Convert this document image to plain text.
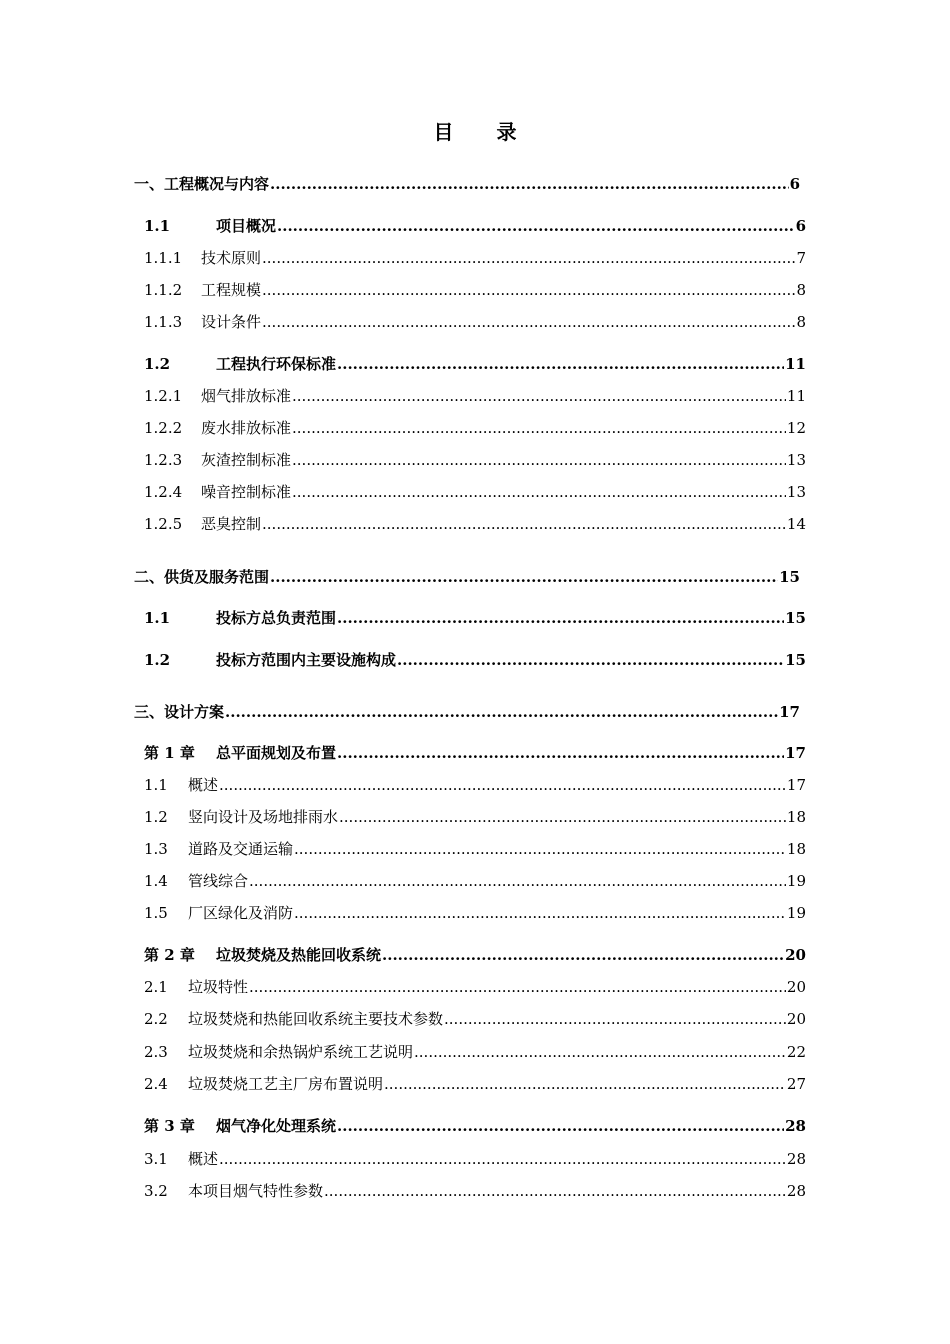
目 录
一、工程概况与内容 .....	6
1.1	项目概况 .....	6
1.1.1	技术原则 .....	7
1.1.2	工程规模 .....	8
1.1.3	设计条件 .....	8
1.2	工程执行环保标准 .....	11
1.2.1	烟气排放标准 .....	11
1.2.2	废水排放标准 .....	12
1.2.3	灰渣控制标准 .....	13
1.2.4	噪音控制标准 .....	13
1.2.5	恶臭控制 .....	14
二、供货及服务范围 .....	15
1.1	投标方总负责范围 .....	15
1.2	投标方范围内主要设施构成 .....	15
三、设计方案 .....	17
第 1 章	总平面规划及布置 .....	17
1.1	概述 .....	17
1.2	竖向设计及场地排雨水 .....	18
1.3	道路及交通运输 .....	18
1.4	管线综合 .....	19
1.5	厂区绿化及消防 .....	19
第 2 章	垃圾焚烧及热能回收系统 .....	20
2.1	垃圾特性 .....	20
2.2	垃圾焚烧和热能回收系统主要技术参数 .....	20
2.3	垃圾焚烧和余热锅炉系统工艺说明 .....	22
2.4	垃圾焚烧工艺主厂房布置说明 .....	27
第 3 章	烟气净化处理系统 .....	28
3.1	概述 .....	28
3.2	本项目烟气特性参数 .....	28
